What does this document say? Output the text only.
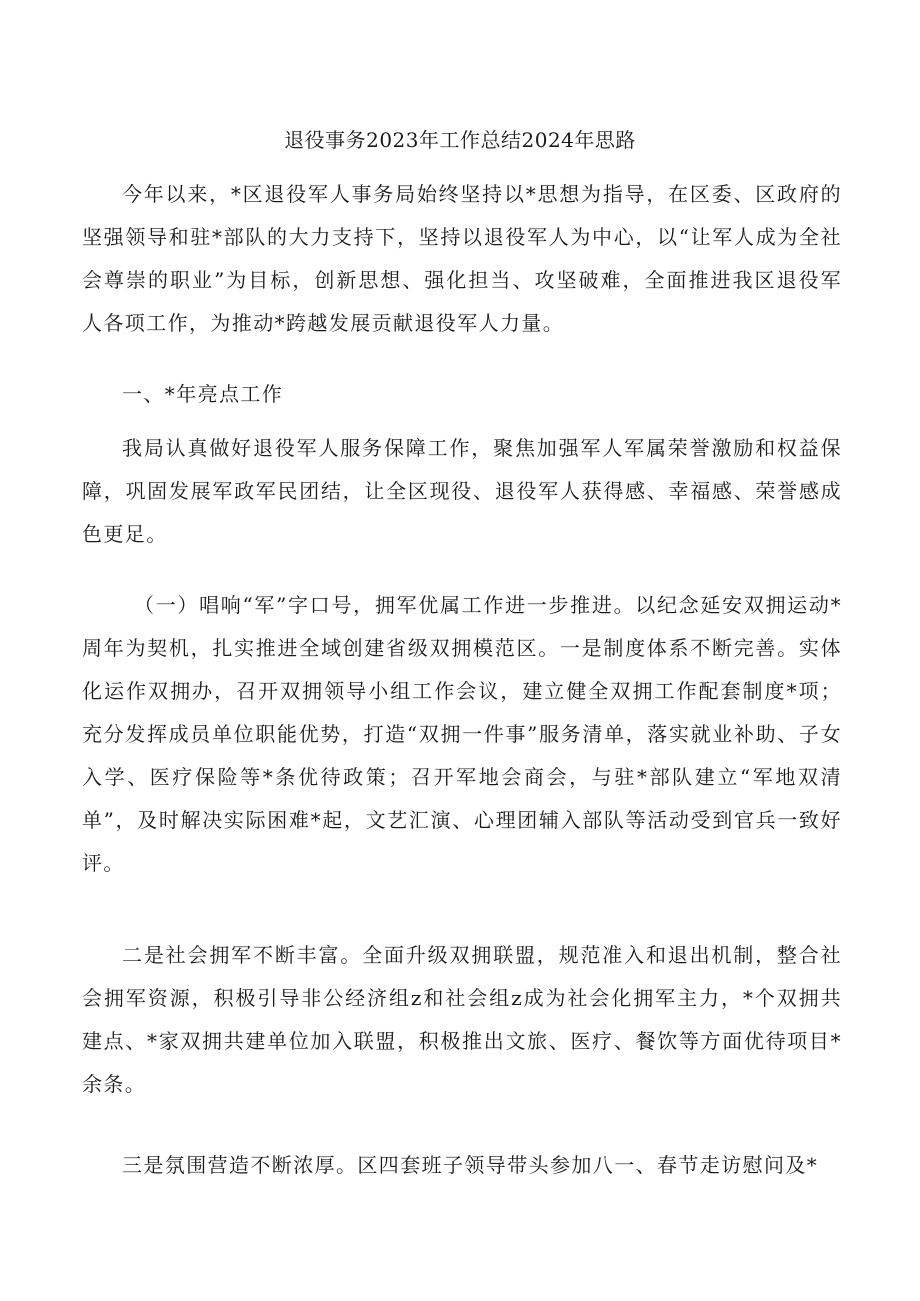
退役事务2023年工作总结2024年思路

今年以来，*区退役军人事务局始终坚持以*思想为指导，在区委、区政府的坚强领导和驻*部队的大力支持下，坚持以退役军人为中心，以“让军人成为全社会尊崇的职业”为目标，创新思想、强化担当、攻坚破难，全面推进我区退役军人各项工作，为推动*跨越发展贡献退役军人力量。

一、*年亮点工作

我局认真做好退役军人服务保障工作，聚焦加强军人军属荣誉激励和权益保障，巩固发展军政军民团结，让全区现役、退役军人获得感、幸福感、荣誉感成色更足。

（一）唱响“军”字口号，拥军优属工作进一步推进。以纪念延安双拥运动*周年为契机，扎实推进全域创建省级双拥模范区。一是制度体系不断完善。实体化运作双拥办，召开双拥领导小组工作会议，建立健全双拥工作配套制度*项；充分发挥成员单位职能优势，打造“双拥一件事”服务清单，落实就业补助、子女入学、医疗保险等*条优待政策；召开军地会商会，与驻*部队建立“军地双清单”，及时解决实际困难*起，文艺汇演、心理团辅入部队等活动受到官兵一致好评。

二是社会拥军不断丰富。全面升级双拥联盟，规范准入和退出机制，整合社会拥军资源，积极引导非公经济组z和社会组z成为社会化拥军主力，*个双拥共建点、*家双拥共建单位加入联盟，积极推出文旅、医疗、餐饮等方面优待项目*余条。

三是氛围营造不断浓厚。区四套班子领导带头参加八一、春节走访慰问及*
